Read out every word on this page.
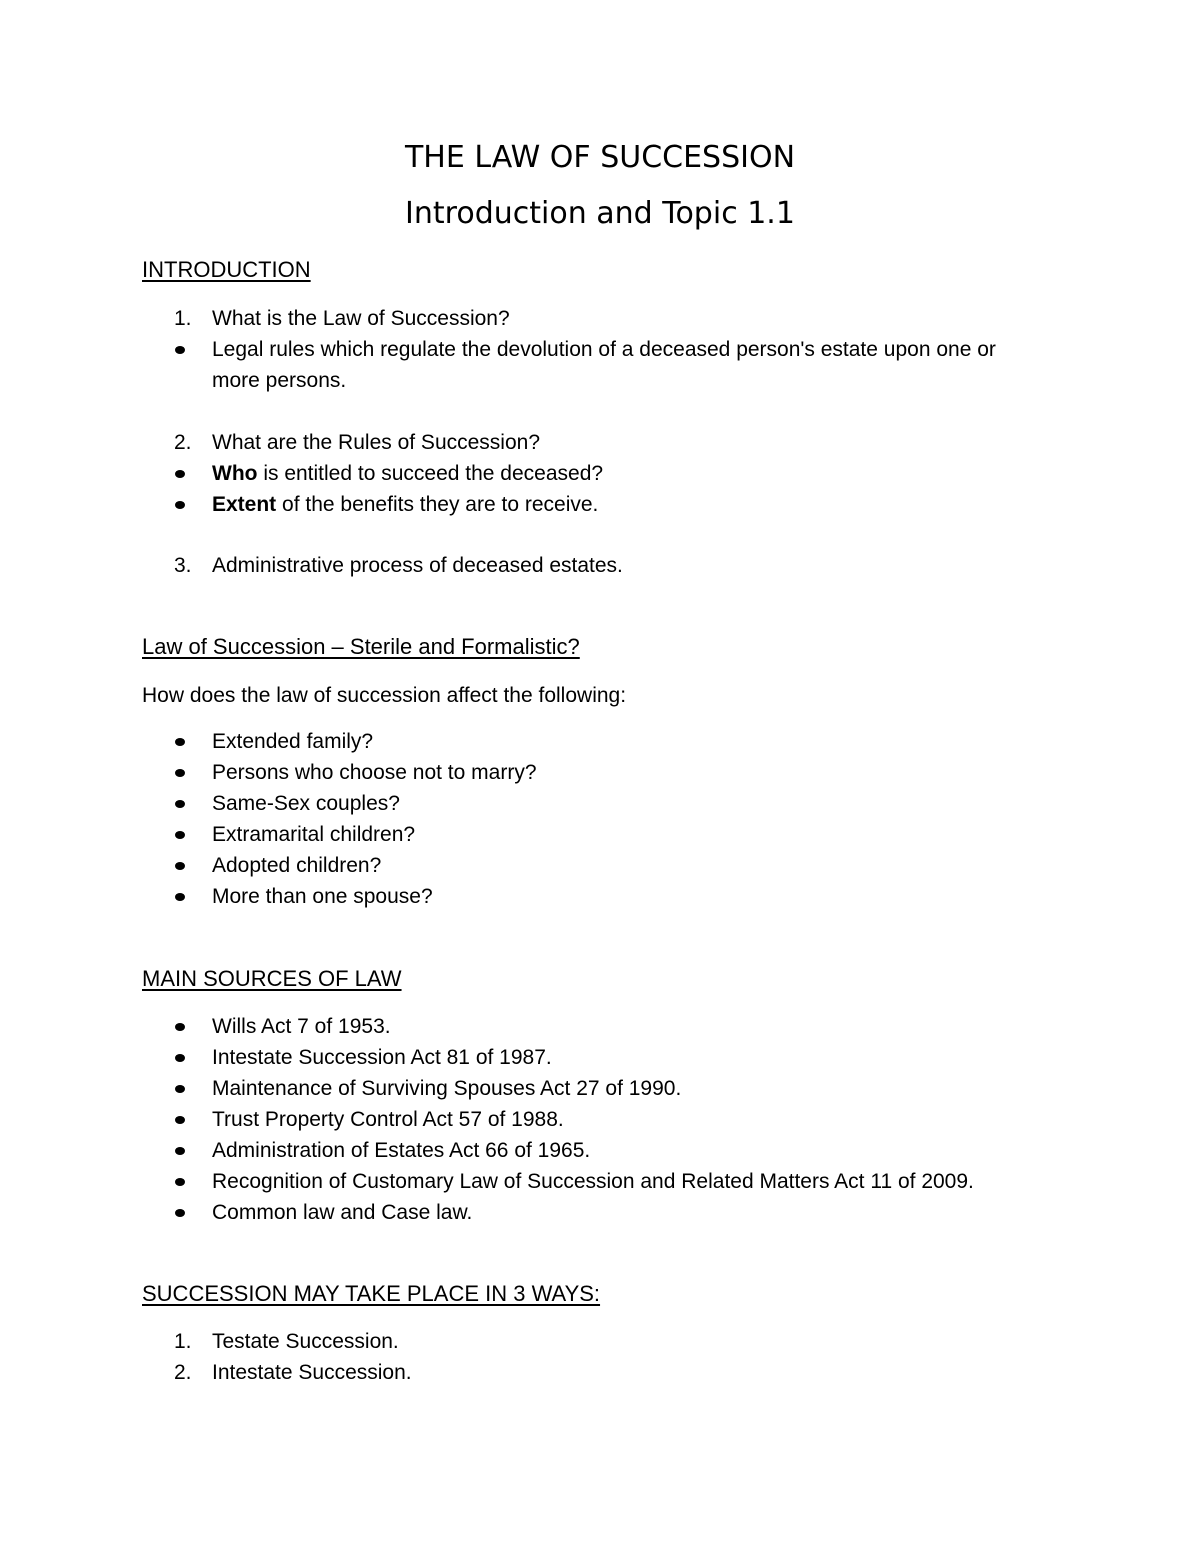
THE LAW OF SUCCESSION
Introduction and Topic 1.1
INTRODUCTION
1. What is the Law of Succession?
Legal rules which regulate the devolution of a deceased person's estate upon one or
more persons.
2. What are the Rules of Succession?
Who is entitled to succeed the deceased?
Extent of the benefits they are to receive.
3. Administrative process of deceased estates.
Law of Succession – Sterile and Formalistic?
How does the law of succession affect the following:
Extended family?
Persons who choose not to marry?
Same-Sex couples?
Extramarital children?
Adopted children?
More than one spouse?
MAIN SOURCES OF LAW
Wills Act 7 of 1953.
Intestate Succession Act 81 of 1987.
Maintenance of Surviving Spouses Act 27 of 1990.
Trust Property Control Act 57 of 1988.
Administration of Estates Act 66 of 1965.
Recognition of Customary Law of Succession and Related Matters Act 11 of 2009.
Common law and Case law.
SUCCESSION MAY TAKE PLACE IN 3 WAYS:
1. Testate Succession.
2. Intestate Succession.
